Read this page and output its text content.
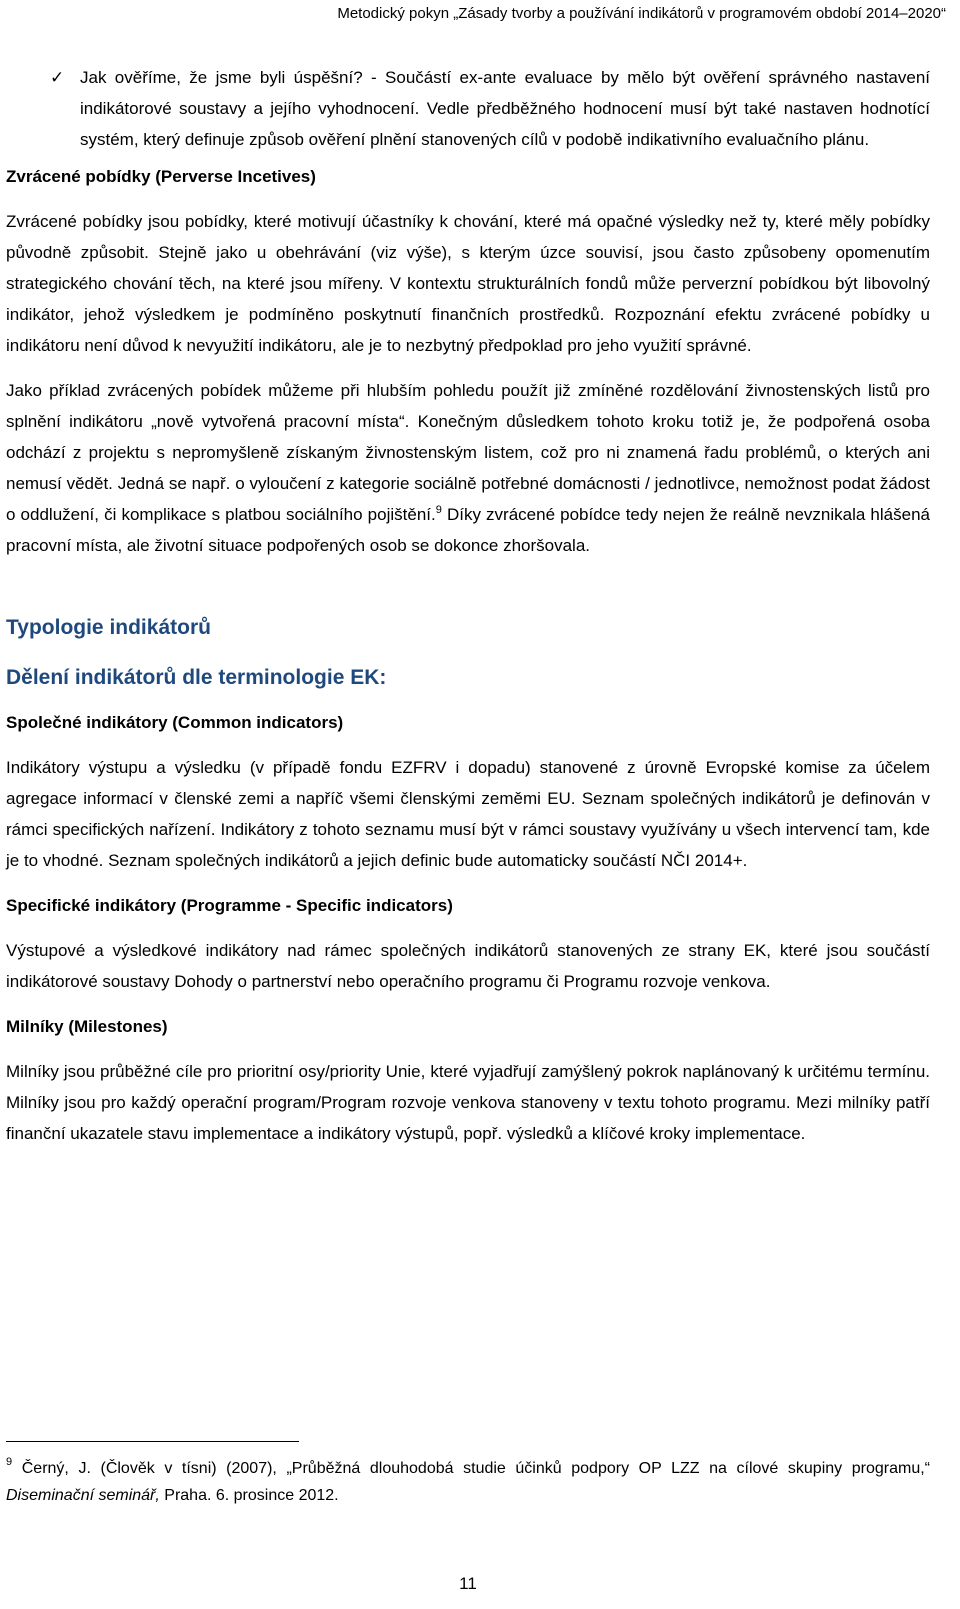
Metodický pokyn „Zásady tvorby a používání indikátorů v programovém období 2014–2020“
✓ Jak ověříme, že jsme byli úspěšní? - Součástí ex-ante evaluace by mělo být ověření správného nastavení indikátorové soustavy a jejího vyhodnocení. Vedle předběžného hodnocení musí být také nastaven hodnotící systém, který definuje způsob ověření plnění stanovených cílů v podobě indikativního evaluačního plánu.

Zvrácené pobídky (Perverse Incetives)

Zvrácené pobídky jsou pobídky, které motivují účastníky k chování, které má opačné výsledky než ty, které měly pobídky původně způsobit. Stejně jako u obehrávání (viz výše), s kterým úzce souvisí, jsou často způsobeny opomenutím strategického chování těch, na které jsou mířeny. V kontextu strukturálních fondů může perverzní pobídkou být libovolný indikátor, jehož výsledkem je podmíněno poskytnutí finančních prostředků. Rozpoznání efektu zvrácené pobídky u indikátoru není důvod k nevyužití indikátoru, ale je to nezbytný předpoklad pro jeho využití správné.

Jako příklad zvrácených pobídek můžeme při hlubším pohledu použít již zmíněné rozdělování živnostenských listů pro splnění indikátoru „nově vytvořená pracovní místa“. Konečným důsledkem tohoto kroku totiž je, že podpořená osoba odchází z projektu s nepromyšleně získaným živnostenským listem, což pro ni znamená řadu problémů, o kterých ani nemusí vědět. Jedná se např. o vyloučení z kategorie sociálně potřebné domácnosti / jednotlivce, nemožnost podat žádost o oddlužení, či komplikace s platbou sociálního pojištění.$^9$ Díky zvrácené pobídce tedy nejen že reálně nevznikala hlášená pracovní místa, ale životní situace podpořených osob se dokonce zhoršovala.

Typologie indikátorů

Dělení indikátorů dle terminologie EK:

Společné indikátory (Common indicators)

Indikátory výstupu a výsledku (v případě fondu EZFRV i dopadu) stanovené z úrovně Evropské komise za účelem agregace informací v členské zemi a napříč všemi členskými zeměmi EU. Seznam společných indikátorů je definován v rámci specifických nařízení. Indikátory z tohoto seznamu musí být v rámci soustavy využívány u všech intervencí tam, kde je to vhodné. Seznam společných indikátorů a jejich definic bude automaticky součástí NČI 2014+.

Specifické indikátory (Programme - Specific indicators)

Výstupové a výsledkové indikátory nad rámec společných indikátorů stanovených ze strany EK, které jsou součástí indikátorové soustavy Dohody o partnerství nebo operačního programu či Programu rozvoje venkova.

Milníky (Milestones)

Milníky jsou průběžné cíle pro prioritní osy/priority Unie, které vyjadřují zamýšlený pokrok naplánovaný k určitému termínu. Milníky jsou pro každý operační program/Program rozvoje venkova stanoveny v textu tohoto programu. Mezi milníky patří finanční ukazatele stavu implementace a indikátory výstupů, popř. výsledků a klíčové kroky implementace.

$^9$ Černý, J. (Člověk v tísni) (2007), „Průběžná dlouhodobá studie účinků podpory OP LZZ na cílové skupiny programu,“ Diseminační seminář, Praha. 6. prosince 2012.
11
